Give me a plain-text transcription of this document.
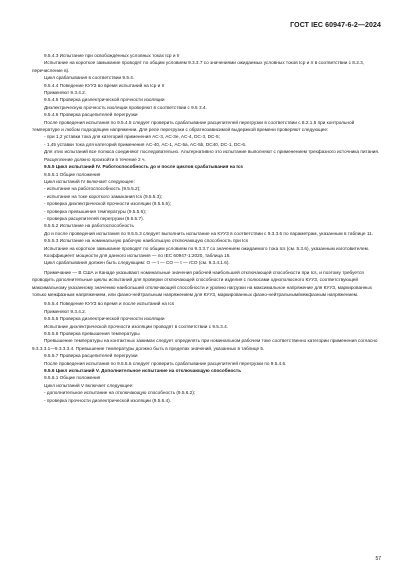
ГОСТ IEC 60947-6-2—2024

9.5.4.3 Испытание при освобождённых условных токах Icp и Ir

Испытание на короткое замыкание проводят по общим условиям 9.3.3.7 со значениями ожидаемых условных токов Icp и Ir в соответствии с 8.2.3, перечисление в).

Цикл срабатывания в соответствии 9.5.4.

9.5.4.4 Поведение КУУЗ во время испытаний на Icp и Ir

Применяют 9.3.4.2.

9.5.4.5 Проверка диэлектрической прочности изоляции

Диэлектрическую прочность изоляции проверяют в соответствии с 9.5 3.4.

9.5.4.6 Проверка расцепителей перегрузки

После проведения испытания по 9.5.4.5 следует проверить срабатывание расцепителей перегрузки в соответствии с 8.2.1.5 при контрольной температуре и любом подходящем напряжении. Для реле перегрузки с обратнозависимой выдержкой времени проверяют следующее:

- при 1,2 уставки тока для категорий применения AC-3, AC-3e, AC-4, DC-3, DC-5;

- 1,45 уставки тока для категорий применения AC-40, AC-1, AC-5a, AC-5b, DC40, DC-1, DC-6.

Для этих испытаний все полюса соединяют последовательно. Альтернативно это испытание выполняют с применением трехфазного источника питания.

Расцепление должно произойти в течение 2 ч.

9.5.5 Цикл испытаний IV. Работоспособность до и после циклов срабатывания на Ics

9.5.5.1 Общие положения

Цикл испытаний IV включает следующее:

- испытание на работоспособность (9.5.5.2);

- испытание на токе короткого замыкания Ics (9.5.5.3);

- проверка диэлектрической прочности изоляции (9.5.5.5);

- проверка превышения температуры (9.5.5.6);

- проверка расцепителей перегрузки (9.5.5.7).

9.5.5.2 Испытание на работоспособность

До и после проведения испытания по 9.5.5.3 следует выполнить испытание на КУУЗ в соответствии с 9.3.3.6 по параметрам, указанным в таблице 11.

9.5.5.3 Испытание на номинальную рабочую наибольшую отключающую способность при Ics

Испытание на короткое замыкание проводят по общим условиям по 9.3.3.7 со значением ожидаемого тока Ics (см. 5.3.6), указанным изготовителем.

Коэффициент мощности для данного испытания — по IEC 60947-1:2020, таблица 16.

Цикл срабатывания должен быть следующим: O — t — CO — t — rCO (см. 9.3.4.1.6).

Примечание — В США и Канаде указывают номинальные значения рабочей наибольшей отключающей способности при Ics, и поэтому требуется проводить дополнительные циклы испытаний для проверки отключающей способности изделия с полюсами однополюсного КУУЗ, соответствующей максимальному указанному значению наибольшей отключающей способности и уровню нагрузки на максимальное напряжение для КУУЗ, маркированных только межфазным напряжением, или фазно-нейтральным напряжением для КУУЗ, маркированных фазно-нейтральным/межфазным напряжением.

9.5.5.4 Поведение КУУЗ во время и после испытаний на Ics

Применяют 9.3.4.2.

9.5.5.5 Проверка диэлектрической прочности изоляции

Испытание диэлектрической прочности изоляции проводят в соответствии с 9.5.3.4.

9.5.5.6 Проверка превышения температуры

Превышение температуры на контактных зажимах следует определять при номинальном рабочем токе соответственно категории применения согласно 9.3.3.3.1—9.3.3.3.4. Превышение температуры должно быть в пределах значений, указанных в таблице 5.

9.5.5.7 Проверка расцепителей перегрузки

После проведения испытания по 9.5.5.6 следует проверить срабатывание расцепителей перегрузки по 9.5.4.6.

9.5.6 Цикл испытаний V. Дополнительное испытание на отключающую способность

9.5.6.1 Общие положения

Цикл испытаний V включает следующее:

- дополнительное испытание на отключающую способность (9.5.6.2);

- проверка прочности диэлектрической изоляции (9.5.6.4).

57
